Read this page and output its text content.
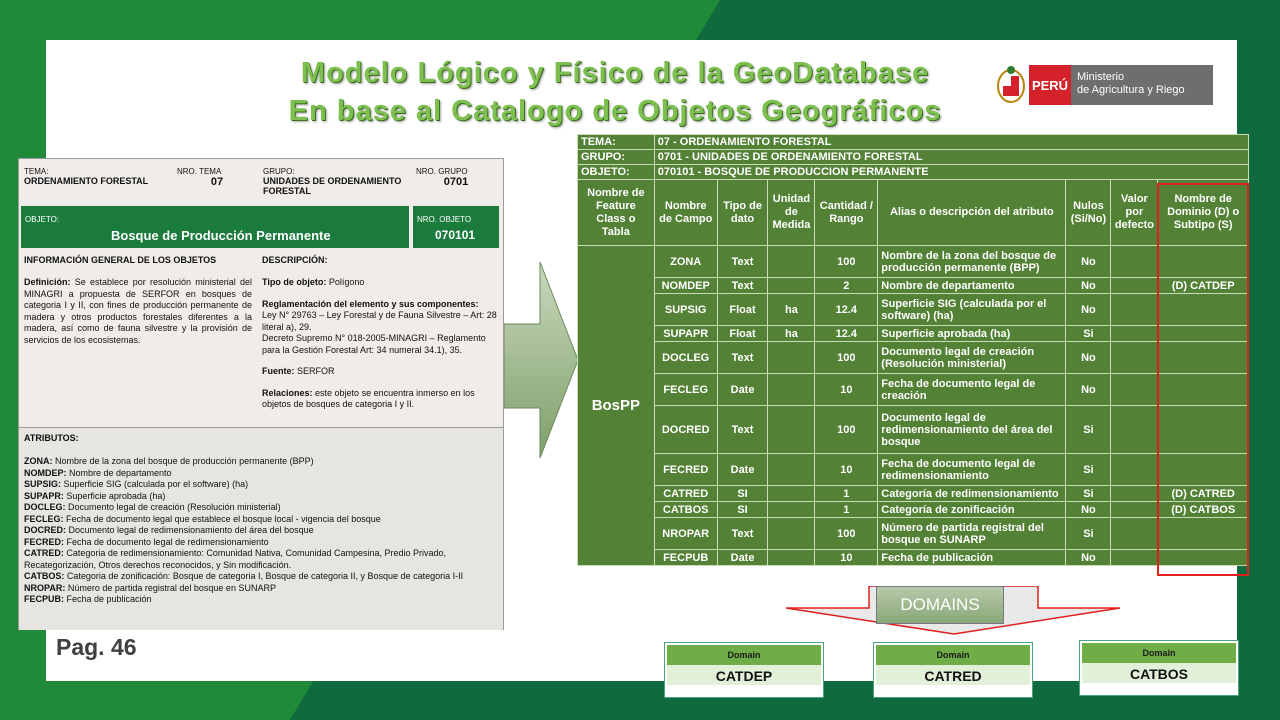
Modelo Lógico y Físico de la GeoDatabase
En base al Catalogo de Objetos Geográficos
PERÚ
Ministerio
de Agricultura y Riego
TEMA:
ORDENAMIENTO FORESTAL
NRO. TEMA
07
GRUPO:
UNIDADES DE ORDENAMIENTO FORESTAL
NRO. GRUPO
0701
OBJETO:
Bosque de Producción Permanente
NRO. OBJETO
070101
INFORMACIÓN GENERAL DE LOS OBJETOS

Definición: Se establece por resolución ministerial del MINAGRI a propuesta de SERFOR en bosques de categoria I y II, con fines de producción permanente de madera y otros productos forestales diferentes a la madera, así como de fauna silvestre y la provisión de servicios de los ecosistemas.

DESCRIPCIÓN:

Tipo de objeto: Polígono

Reglamentación del elemento y sus componentes:

Ley N° 29763 – Ley Forestal y de Fauna Silvestre – Art: 28 literal a), 29.

Decreto Supremo N° 018-2005-MINAGRI – Reglamento para la Gestión Forestal Art: 34 numeral 34.1), 35.

Fuente: SERFOR

Relaciones: este objeto se encuentra inmerso en los objetos de bosques de categoria I y II.

ATRIBUTOS:

ZONA: Nombre de la zona del bosque de producción permanente (BPP)

NOMDEP: Nombre de departamento

SUPSIG: Superficie SIG (calculada por el software) (ha)

SUPAPR: Superficie aprobada (ha)

DOCLEG: Documento legal de creación (Resolución ministerial)

FECLEG: Fecha de documento legal que establece el bosque local - vigencia del bosque

DOCRED: Documento legal de redimensionamiento del área del bosque

FECRED: Fecha de documento legal de redimensionamiento

CATRED: Categoria de redimensionamiento: Comunidad Nativa, Comunidad Campesina, Predio Privado, Recategorización, Otros derechos reconocidos, y Sin modificación.

CATBOS: Categoria de zonificación: Bosque de categoria I, Bosque de categoria II, y Bosque de categoria I-II

NROPAR: Número de partida registral del bosque en SUNARP

FECPUB: Fecha de publicación

TEMA:	07 - ORDENAMIENTO FORESTAL							
GRUPO:	0701 - UNIDADES DE ORDENAMIENTO FORESTAL							
OBJETO:	070101 - BOSQUE DE PRODUCCION PERMANENTE							
Nombre de Feature Class o Tabla	Nombre de Campo	Tipo de dato	Unidad de Medida	Cantidad / Rango	Alias o descripción del atributo	Nulos (Si/No)	Valor por defecto	Nombre de Dominio (D) o Subtipo (S)
BosPP	ZONA	Text		100	Nombre de la zona del bosque de producción permanente (BPP)	No		
	NOMDEP	Text		2	Nombre de departamento	No		(D) CATDEP
	SUPSIG	Float	ha	12.4	Superficie SIG (calculada por el software) (ha)	No		
	SUPAPR	Float	ha	12.4	Superficie aprobada (ha)	Si		
	DOCLEG	Text		100	Documento legal de creación (Resolución ministerial)	No		
	FECLEG	Date		10	Fecha de documento legal de creación	No		
	DOCRED	Text		100	Documento legal de redimensionamiento del área del bosque	Si		
	FECRED	Date		10	Fecha de documento legal de redimensionamiento	Si		
	CATRED	SI		1	Categoría de redimensionamiento	Si		(D) CATRED
	CATBOS	SI		1	Categoría de zonificación	No		(D) CATBOS
	NROPAR	Text		100	Número de partida registral del bosque en SUNARP	Si		
	FECPUB	Date		10	Fecha de publicación	No		
DOMAINS
Domain
CATDEP
Domain
CATRED
Domain
CATBOS
Pag. 46
